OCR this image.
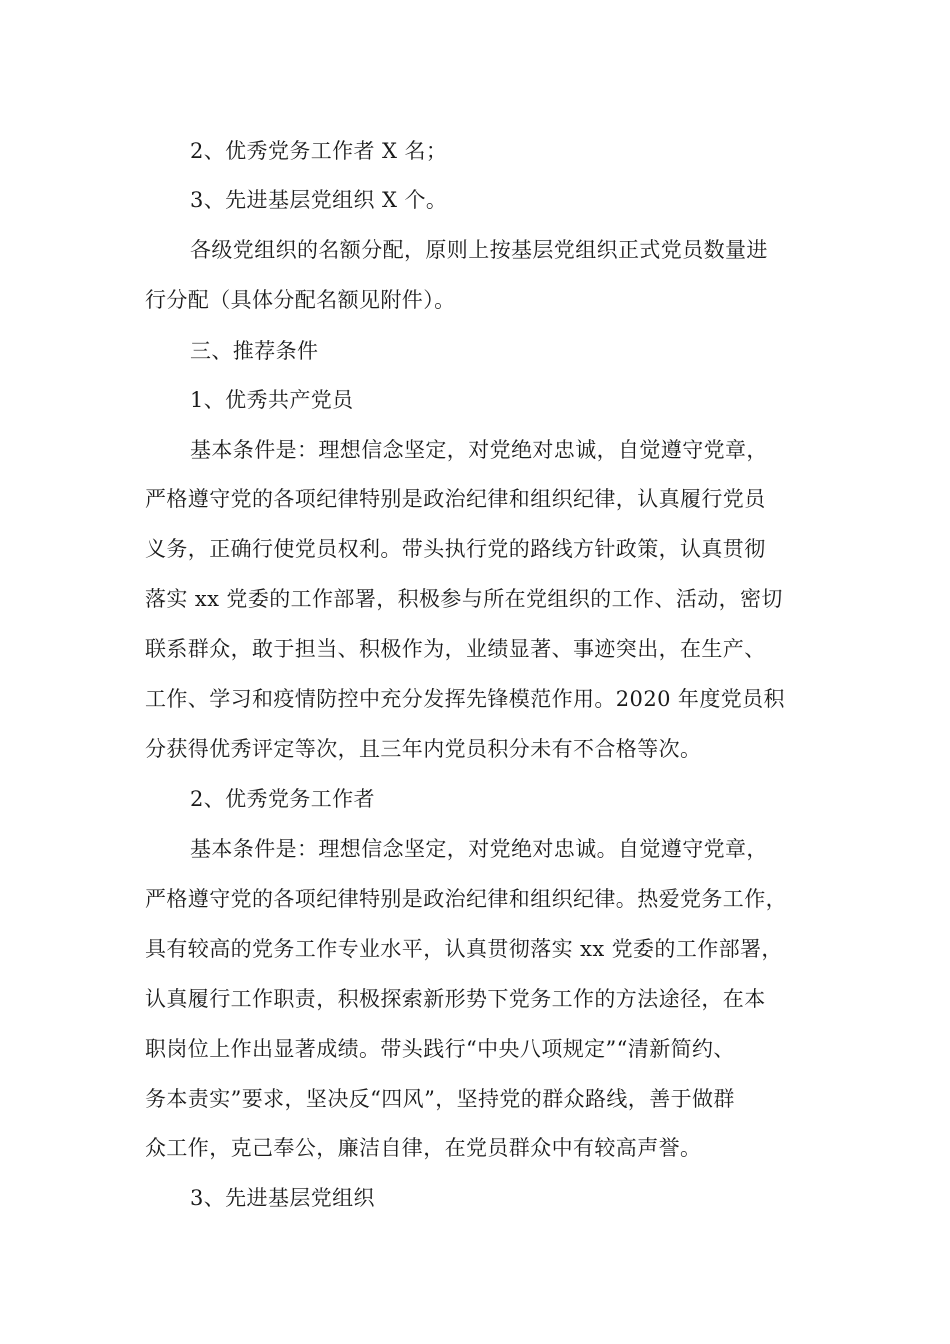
2、优秀党务工作者 X 名；
3、先进基层党组织 X 个。
各级党组织的名额分配，原则上按基层党组织正式党员数量进
行分配（具体分配名额见附件）。
三、推荐条件
1、优秀共产党员
基本条件是：理想信念坚定，对党绝对忠诚，自觉遵守党章，
严格遵守党的各项纪律特别是政治纪律和组织纪律，认真履行党员
义务，正确行使党员权利。带头执行党的路线方针政策，认真贯彻
落实 xx 党委的工作部署，积极参与所在党组织的工作、活动，密切
联系群众，敢于担当、积极作为，业绩显著、事迹突出，在生产、
工作、学习和疫情防控中充分发挥先锋模范作用。2020 年度党员积
分获得优秀评定等次，且三年内党员积分未有不合格等次。
2、优秀党务工作者
基本条件是：理想信念坚定，对党绝对忠诚。自觉遵守党章，
严格遵守党的各项纪律特别是政治纪律和组织纪律。热爱党务工作，
具有较高的党务工作专业水平，认真贯彻落实 xx 党委的工作部署，
认真履行工作职责，积极探索新形势下党务工作的方法途径，在本
职岗位上作出显著成绩。带头践行“中央八项规定”“清新简约、
务本责实”要求，坚决反“四风”，坚持党的群众路线，善于做群
众工作，克己奉公，廉洁自律，在党员群众中有较高声誉。
3、先进基层党组织
